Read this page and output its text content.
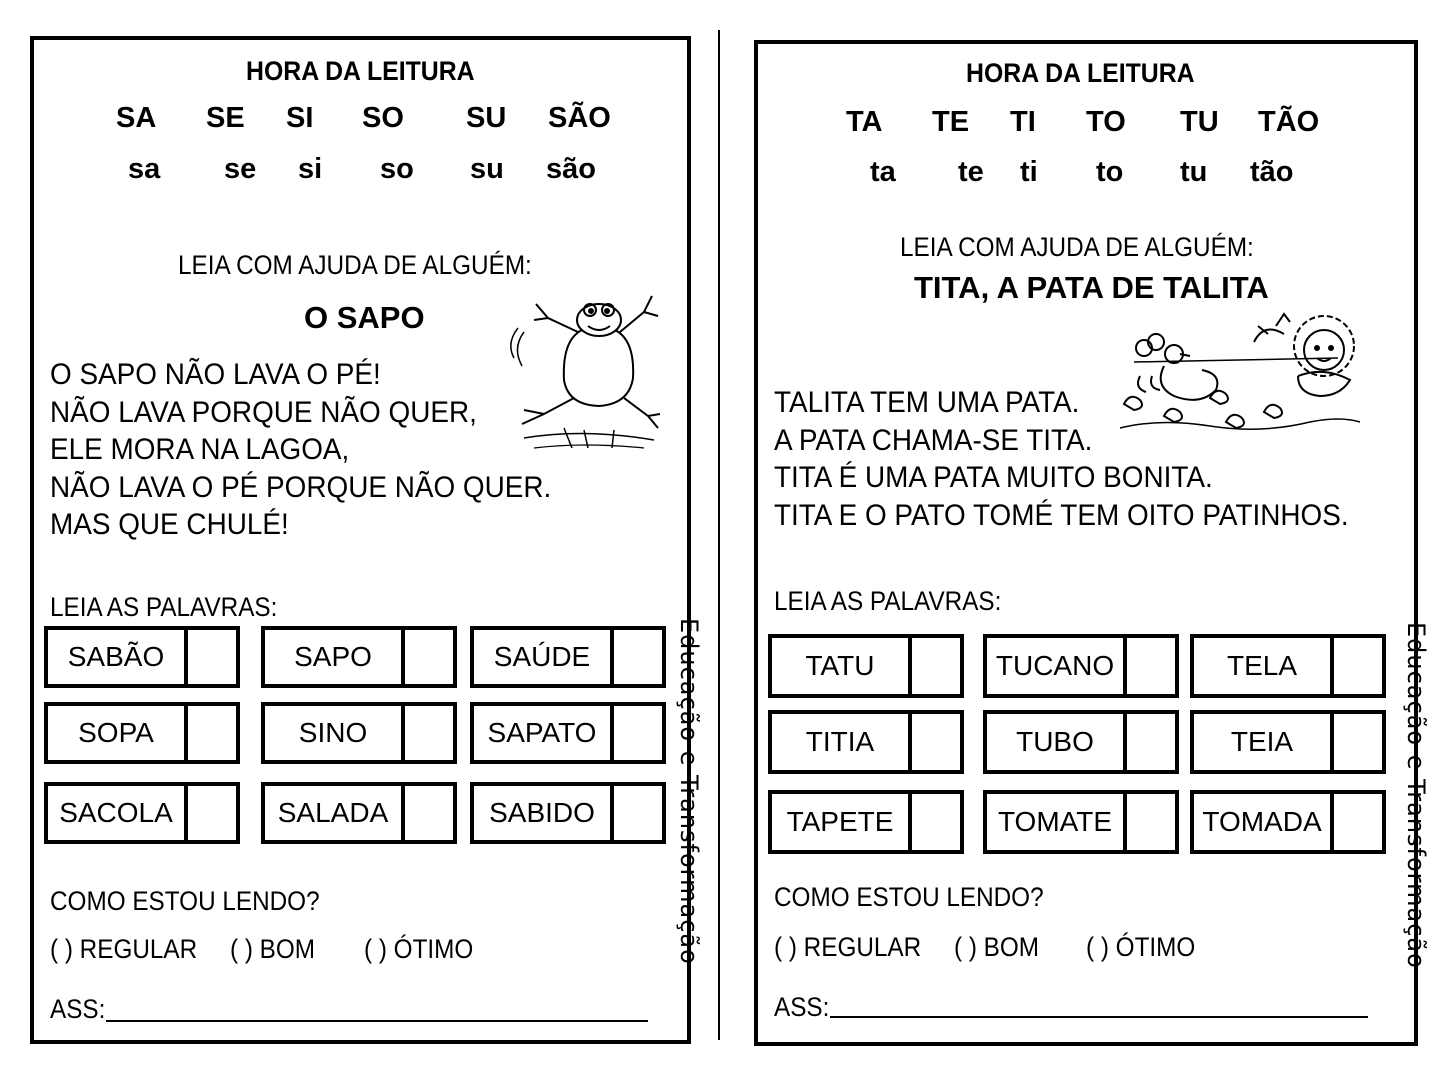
HORA DA LEITURA
SA SE SI SO SU SÃO
sa se si so su são
LEIA COM AJUDA DE ALGUÉM:
O SAPO
O SAPO NÃO LAVA O PÉ!
NÃO LAVA PORQUE NÃO QUER,
ELE MORA NA LAGOA,
NÃO LAVA O PÉ PORQUE NÃO QUER.
MAS QUE CHULÉ!
LEIA AS PALAVRAS:
SABÃO	SAPO	SAÚDE
SOPA	SINO	SAPATO
SACOLA	SALADA	SABIDO
COMO ESTOU LENDO?
( ) REGULAR ( ) BOM ( ) ÓTIMO
ASS:
Educação e Transformação
HORA DA LEITURA
TA TE TI TO TU TÃO
ta te ti to tu tão
LEIA COM AJUDA DE ALGUÉM:
TITA, A PATA DE TALITA
TALITA TEM UMA PATA.
A PATA CHAMA-SE TITA.
TITA É UMA PATA MUITO BONITA.
TITA E O PATO TOMÉ TEM OITO PATINHOS.
LEIA AS PALAVRAS:
TATU	TUCANO	TELA
TITIA	TUBO	TEIA
TAPETE	TOMATE	TOMADA
COMO ESTOU LENDO?
( ) REGULAR ( ) BOM ( ) ÓTIMO
ASS:
Educação e Transformação
